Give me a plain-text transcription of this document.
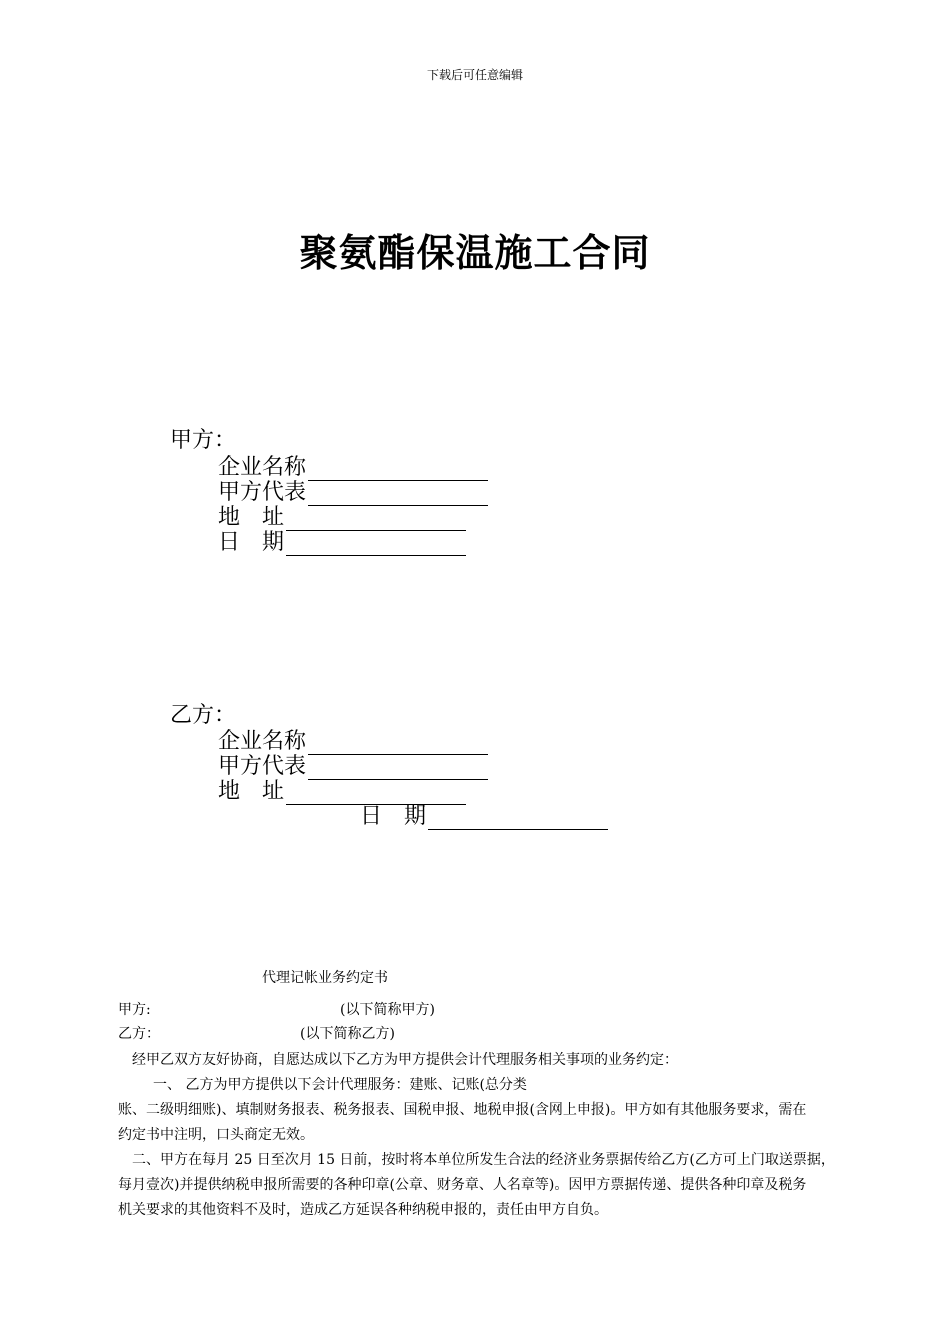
下载后可任意编辑
聚氨酯保温施工合同
甲方：
企业名称
甲方代表
地　址
日　期
乙方：
企业名称
甲方代表
地　址
日　期
代理记帐业务约定书
甲方:	(以下简称甲方)
乙方：	(以下简称乙方)
经甲乙双方友好协商，自愿达成以下乙方为甲方提供会计代理服务相关事项的业务约定：
一、 乙方为甲方提供以下会计代理服务：建账、记账(总分类
账、二级明细账)、填制财务报表、税务报表、国税申报、地税申报(含网上申报)。甲方如有其他服务要求，需在
约定书中注明，口头商定无效。
二、甲方在每月 25 日至次月 15 日前，按时将本单位所发生合法的经济业务票据传给乙方(乙方可上门取送票据，
每月壹次)并提供纳税申报所需要的各种印章(公章、财务章、人名章等)。因甲方票据传递、提供各种印章及税务
机关要求的其他资料不及时，造成乙方延误各种纳税申报的，责任由甲方自负。
